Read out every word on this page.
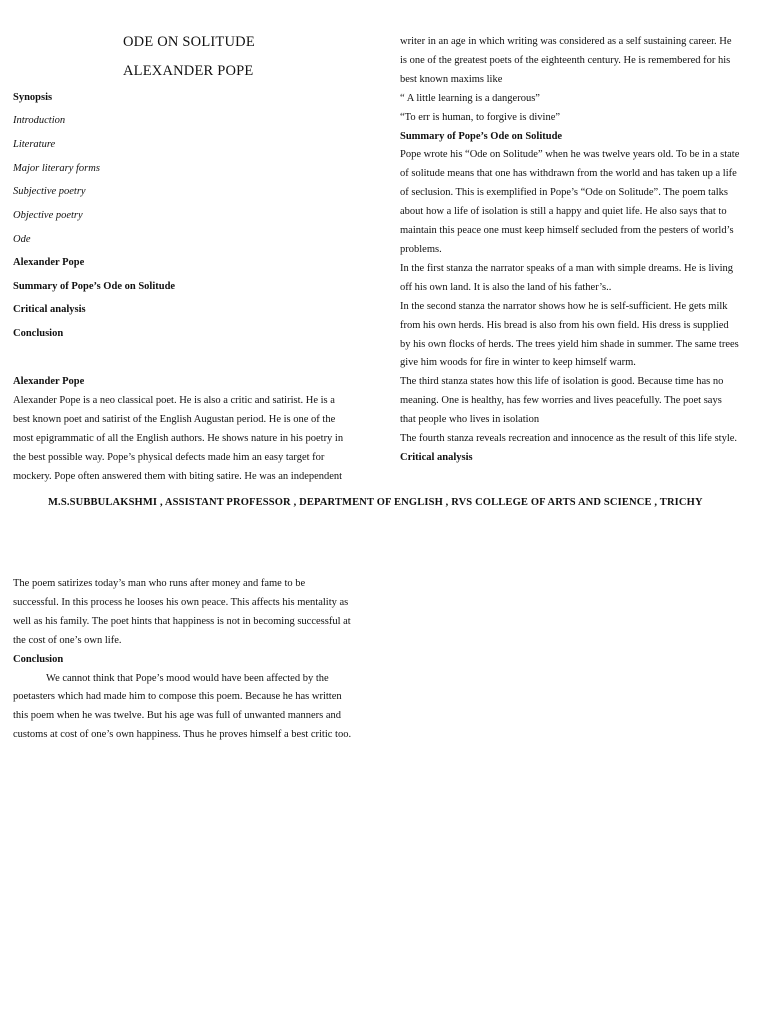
ODE ON SOLITUDE
ALEXANDER POPE
Synopsis
Introduction
Literature
Major literary forms
Subjective poetry
Objective poetry
Ode
Alexander Pope
Summary of Pope’s Ode on Solitude
Critical analysis
Conclusion
Alexander Pope
Alexander Pope is a neo classical poet. He is also a critic and satirist. He is a
best known poet and satirist of the English Augustan period. He is one of the
most epigrammatic of all the English authors. He shows nature in his poetry in
the best possible way. Pope’s physical defects made him an easy target for
mockery. Pope often answered them with biting satire. He was an independent
writer in an age in which writing was considered as a self sustaining career. He
is one of the greatest poets of the eighteenth century. He is remembered for his
best known maxims like
“ A little learning is a dangerous”
“To err is human, to forgive is divine”
Summary of Pope’s Ode on Solitude
Pope wrote his “Ode on Solitude” when he was twelve years old. To be in a state
of solitude means that one has withdrawn from the world and has taken up a life
of seclusion. This is exemplified in Pope’s “Ode on Solitude”. The poem talks
about how a life of isolation is still a happy and quiet life. He also says that to
maintain this peace one must keep himself secluded from the pesters of world’s
problems.
In the first stanza the narrator speaks of a man with simple dreams. He is living
off his own land. It is also the land of his father’s..
In the second stanza the narrator shows how he is self-sufficient. He gets milk
from his own herds. His bread is also from his own field. His dress is supplied
by his own flocks of herds. The trees yield him shade in summer. The same trees
give him woods for fire in winter to keep himself warm.
The third stanza states how this life of isolation is good. Because time has no
meaning. One is healthy, has few worries and lives peacefully. The poet says
that people who lives in isolation
The fourth stanza reveals recreation and innocence as the result of this life style.
Critical analysis
M.S.SUBBULAKSHMI , ASSISTANT PROFESSOR , DEPARTMENT OF ENGLISH , RVS COLLEGE OF ARTS AND SCIENCE , TRICHY
The poem satirizes today’s man who runs after money and fame to be
successful. In this process he looses his own peace. This affects his mentality as
well as his family. The poet hints that happiness is not in becoming successful at
the cost of one’s own life.
Conclusion
We cannot think that Pope’s mood would have been affected by the
poetasters which had made him to compose this poem. Because he has written
this poem when he was twelve. But his age was full of unwanted manners and
customs at cost of one’s own happiness. Thus he proves himself a best critic too.
